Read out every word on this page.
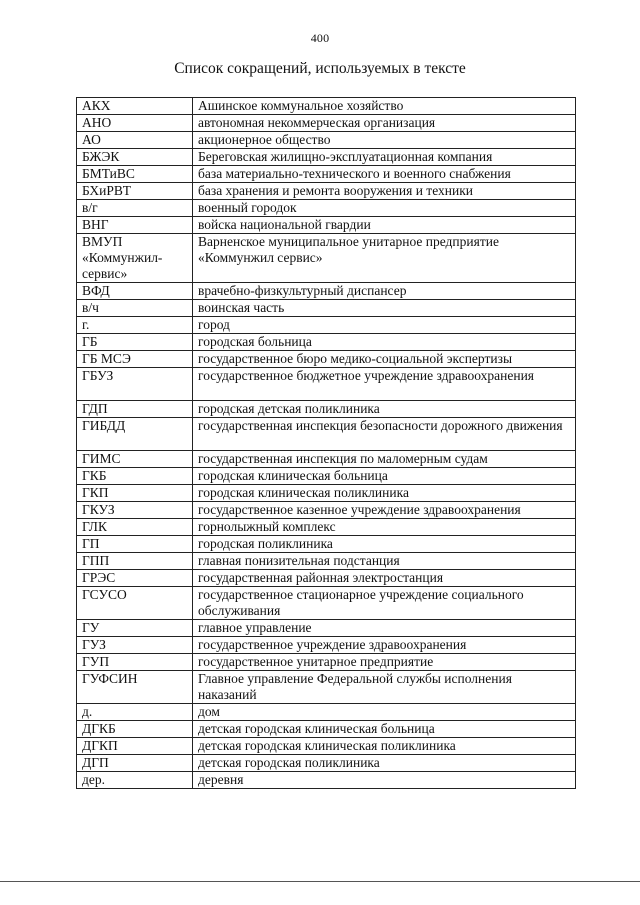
400
Список сокращений, используемых в тексте
АКХ	Ашинское коммунальное хозяйство
АНО	автономная некоммерческая организация
АО	акционерное общество
БЖЭК	Береговская жилищно-эксплуатационная компания
БМТиВС	база материально-технического и военного снабжения
БХиРВТ	база хранения и ремонта вооружения и техники
в/г	военный городок
ВНГ	войска национальной гвардии
ВМУП «Коммунжил-сервис»	Варненское муниципальное унитарное предприятие «Коммунжил сервис»
ВФД	врачебно-физкультурный диспансер
в/ч	воинская часть
г.	город
ГБ	городская больница
ГБ МСЭ	государственное бюро медико-социальной экспертизы
ГБУЗ	государственное бюджетное учреждение здравоохранения
ГДП	городская детская поликлиника
ГИБДД	государственная инспекция безопасности дорожного движения
ГИМС	государственная инспекция по маломерным судам
ГКБ	городская клиническая больница
ГКП	городская клиническая поликлиника
ГКУЗ	государственное казенное учреждение здравоохранения
ГЛК	горнолыжный комплекс
ГП	городская поликлиника
ГПП	главная понизительная подстанция
ГРЭС	государственная районная электростанция
ГСУСО	государственное стационарное учреждение социального обслуживания
ГУ	главное управление
ГУЗ	государственное учреждение здравоохранения
ГУП	государственное унитарное предприятие
ГУФСИН	Главное управление Федеральной службы исполнения наказаний
д.	дом
ДГКБ	детская городская клиническая больница
ДГКП	детская городская клиническая поликлиника
ДГП	детская городская поликлиника
дер.	деревня
